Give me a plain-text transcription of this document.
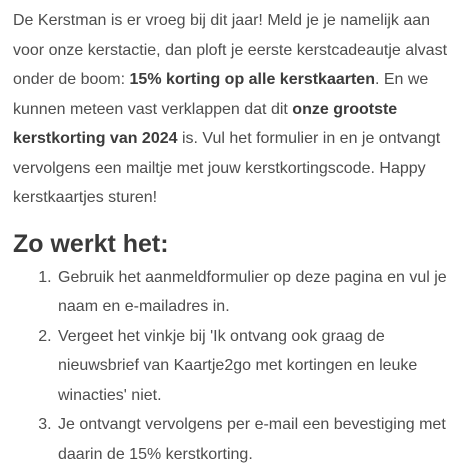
De Kerstman is er vroeg bij dit jaar! Meld je je namelijk aan voor onze kerstactie, dan ploft je eerste kerstcadeautje alvast onder de boom: 15% korting op alle kerstkaarten. En we kunnen meteen vast verklappen dat dit onze grootste kerstkorting van 2024 is. Vul het formulier in en je ontvangt vervolgens een mailtje met jouw kerstkortingscode. Happy kerstkaartjes sturen!

Zo werkt het:
1. Gebruik het aanmeldformulier op deze pagina en vul je naam en e-mailadres in.
2. Vergeet het vinkje bij 'Ik ontvang ook graag de nieuwsbrief van Kaartje2go met kortingen en leuke winacties' niet.
3. Je ontvangt vervolgens per e-mail een bevestiging met daarin de 15% kerstkorting.
